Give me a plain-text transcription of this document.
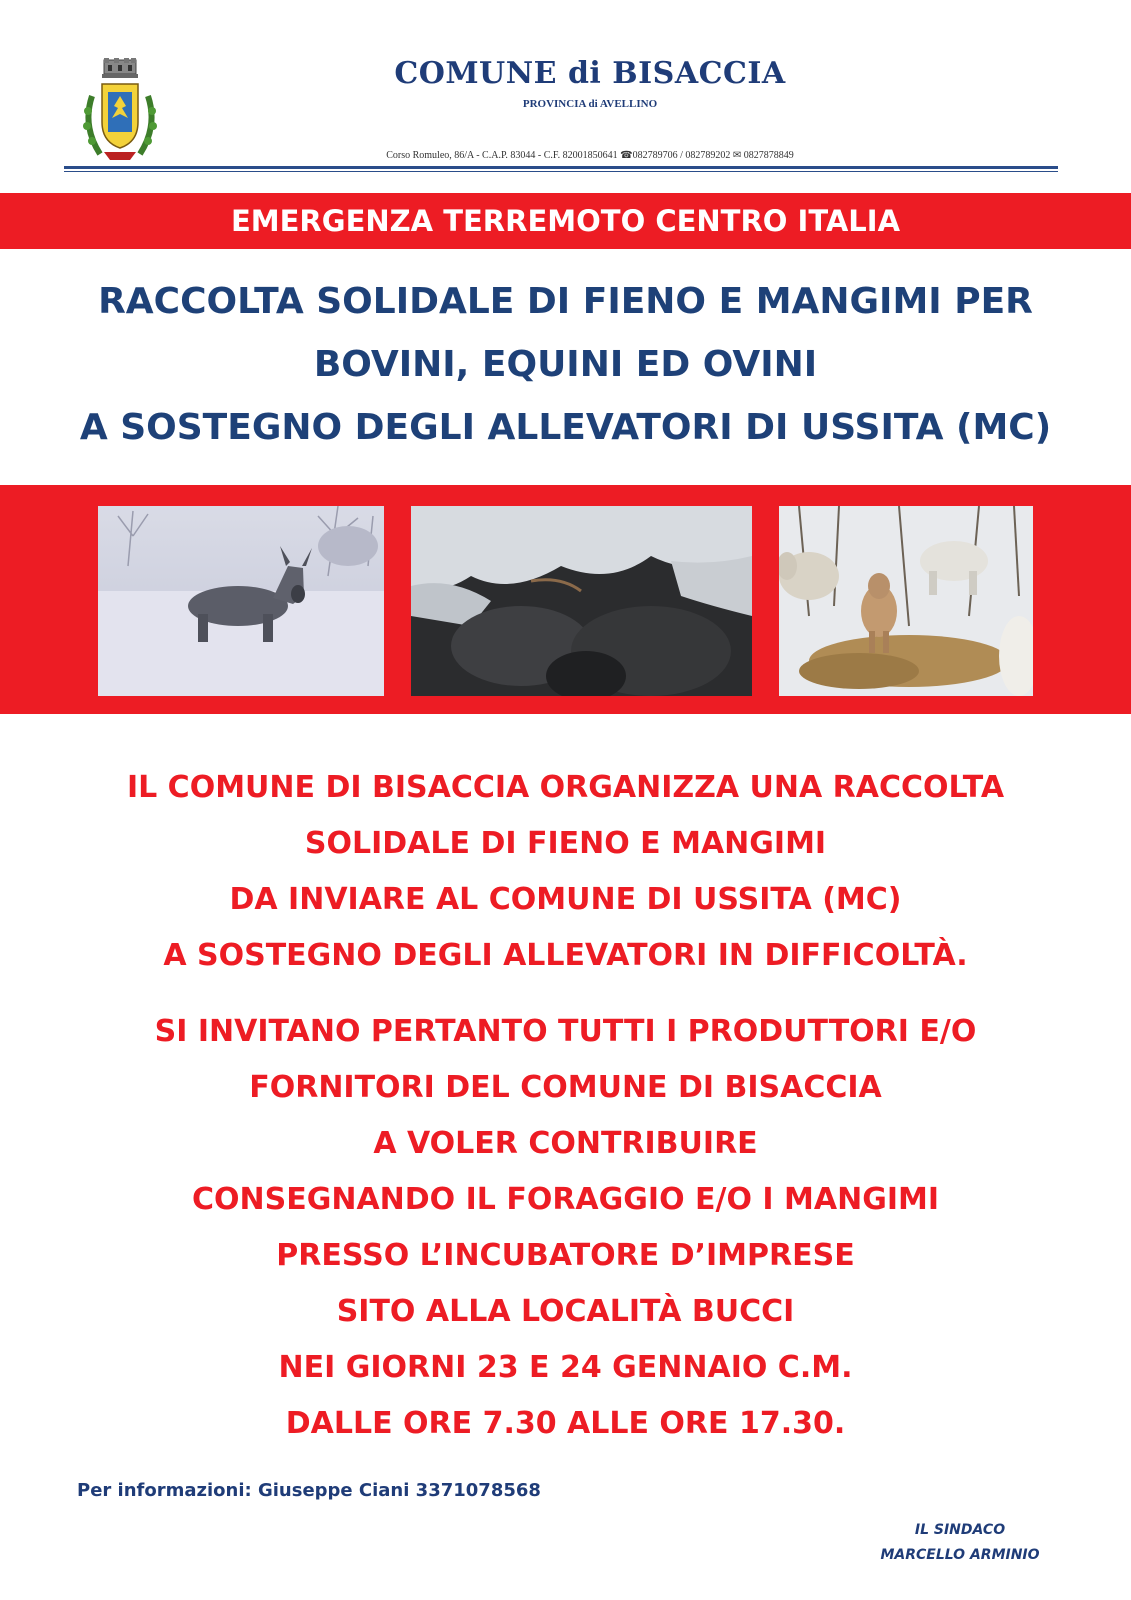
COMUNE di BISACCIA
PROVINCIA di AVELLINO
Corso Romuleo, 86/A - C.A.P. 83044 - C.F. 82001850641 ☎082789706 / 082789202 ✉ 0827878849
EMERGENZA TERREMOTO CENTRO ITALIA
RACCOLTA SOLIDALE DI FIENO E MANGIMI PER
BOVINI, EQUINI ED OVINI
A SOSTEGNO DEGLI ALLEVATORI DI USSITA (MC)
IL COMUNE DI BISACCIA ORGANIZZA UNA RACCOLTA
SOLIDALE DI FIENO E MANGIMI
DA INVIARE AL COMUNE DI USSITA (MC)
A SOSTEGNO DEGLI ALLEVATORI IN DIFFICOLTÀ.
SI INVITANO PERTANTO TUTTI I PRODUTTORI E/O
FORNITORI DEL COMUNE DI BISACCIA
A VOLER CONTRIBUIRE
CONSEGNANDO IL FORAGGIO E/O I MANGIMI
PRESSO L’INCUBATORE D’IMPRESE
SITO ALLA LOCALITÀ BUCCI
NEI GIORNI 23 E 24 GENNAIO C.M.
DALLE ORE 7.30 ALLE ORE 17.30.
Per informazioni: Giuseppe Ciani 3371078568
IL SINDACO
MARCELLO ARMINIO
